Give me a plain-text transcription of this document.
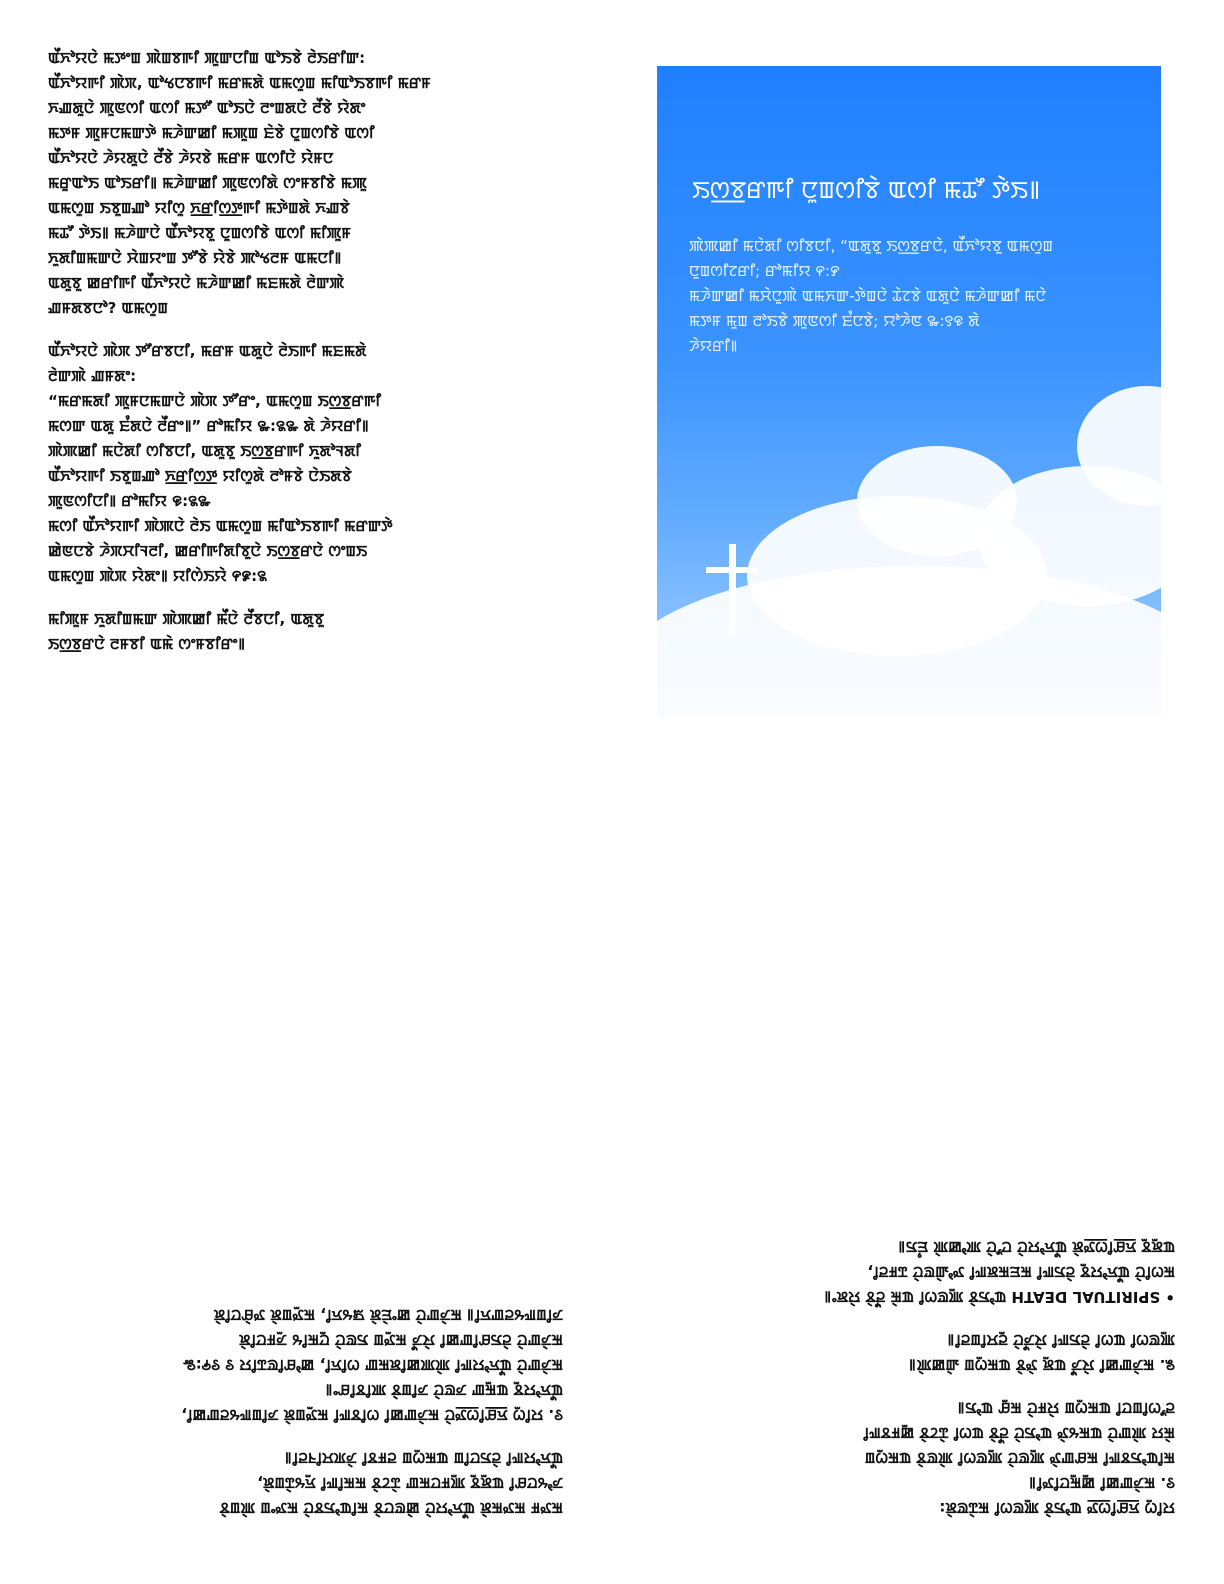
ꯑꯩꯈꯣꯌꯅꯥ ꯃꯇꯦꯡ ꯄꯥꯡꯕꯒꯤ ꯄꯨꯛꯅꯤꯡ ꯑꯣꯏꯕꯥ ꯂꯥꯏꯔꯤꯛ:
ꯑꯩꯈꯣꯌꯒꯤ ꯄꯥꯞ, ꯑꯣꯠꯅꯕꯒꯤ ꯃꯔꯃꯗꯥ ꯑꯃꯁꯨꯡ ꯃꯤꯑꯣꯏꯕꯒꯤ ꯃꯔꯝ
ꯈꯉꯗꯨꯅꯥ ꯄꯨꯟꯁꯤ ꯑꯁꯤ ꯃꯇꯧ ꯑꯣꯏꯅꯥ ꯂꯦꯡꯗꯅꯥ ꯂꯩꯕꯥ ꯌꯥꯗꯦ
ꯃꯇꯝ ꯄꯨꯝꯅꯃꯛꯇꯥ ꯃꯍꯥꯛꯀꯤ ꯃꯄꯨꯡ ꯐꯥꯕꯥ ꯅꯨꯡꯁꯤꯕꯥ ꯑꯁꯤ
ꯑꯩꯈꯣꯌꯅꯥ ꯍꯥꯌꯗꯨꯅꯥ ꯂꯩꯕꯥ ꯍꯥꯌꯕꯥ ꯃꯔꯝ ꯑꯁꯤꯅꯥ ꯌꯥꯝꯅ
ꯃꯔꯨꯑꯣꯏ ꯑꯣꯏꯔꯤ꯫ ꯃꯍꯥꯛꯀꯤ ꯄꯨꯟꯁꯤꯗꯥ ꯁꯦꯝꯕꯤꯕꯥ ꯃꯄꯨ
ꯑꯃꯁꯨꯡ ꯏꯕꯨꯡꯉꯣ ꯌꯤꯁꯨ ꯈ꯭ꯔꯤꯁ꯭ꯇꯒꯤ ꯃꯇꯥꯡꯗꯥ ꯈꯉꯕꯥ
ꯃꯊꯧ ꯇꯥꯏ꯫ ꯃꯍꯥꯛꯅꯥ ꯑꯩꯈꯣꯌꯕꯨ ꯅꯨꯡꯁꯤꯕꯥ ꯑꯁꯤ ꯃꯤꯄꯨꯝ
ꯈꯨꯗꯤꯡꯃꯛꯅꯥ ꯆꯥꯡꯌꯦꯡ ꯇꯧꯕꯥ ꯌꯥꯕꯥ ꯄꯣꯠꯂꯝ ꯑꯃꯅꯤ꯫
ꯑꯗꯨꯕꯨ ꯀꯔꯤꯒꯤ ꯑꯩꯈꯣꯌꯅꯥ ꯃꯍꯥꯛꯀꯤ ꯃꯐꯃꯗꯥ ꯂꯥꯛꯄꯥ
ꯉꯝꯗꯕꯅꯣ? ꯑꯃꯁꯨꯡ
ꯑꯩꯈꯣꯌꯅꯥ ꯄꯥꯞ ꯇꯧꯔꯕꯅꯤ, ꯃꯔꯝ ꯑꯗꯨꯅꯥ ꯂꯥꯏꯒꯤ ꯃꯐꯃꯗꯥ
ꯂꯥꯛꯄꯥ ꯉꯝꯗꯦ:
“ꯃꯔꯃꯗꯤ ꯄꯨꯝꯅꯃꯛꯅꯥ ꯄꯥꯞ ꯇꯧꯔꯦ, ꯑꯃꯁꯨꯡ ꯏꯁ꯭ꯕꯔꯒꯤ
ꯃꯁꯛ ꯑꯗꯨ ꯐꯪꯗꯅꯥ ꯂꯩꯔꯦ꯫” ꯔꯣꯃꯤꯌ ꯳:꯲꯳ ꯗꯥ ꯍꯥꯌꯔꯤ꯫
ꯄꯥꯄꯀꯤ ꯃꯅꯥꯗꯤ ꯁꯤꯕꯅꯤ, ꯑꯗꯨꯕꯨ ꯏꯁ꯭ꯕꯔꯒꯤ ꯈꯨꯗꯣꯜꯗꯤ
ꯑꯩꯈꯣꯌꯒꯤ ꯏꯕꯨꯡꯉꯣ ꯈ꯭ꯔꯤꯁ꯭ꯇ ꯌꯤꯁꯨꯗꯥ ꯂꯣꯝꯕꯥ ꯅꯥꯏꯗꯕꯥ
ꯄꯨꯟꯁꯤꯅꯤ꯫ ꯔꯣꯃꯤꯌ ꯶:꯲꯳
ꯃꯁꯤ ꯑꯩꯈꯣꯌꯒꯤ ꯄꯥꯄꯅꯥ ꯂꯥꯏ ꯑꯃꯁꯨꯡ ꯃꯤꯑꯣꯏꯕꯒꯤ ꯃꯔꯛꯇꯥ
ꯀꯥꯟꯅꯕꯥ ꯍꯥꯞꯆꯤꯜꯂꯤ, ꯀꯔꯤꯒꯤꯗꯤꯕꯨꯅꯥ ꯏꯁ꯭ꯕꯔꯅꯥ ꯁꯦꯡꯏ
ꯑꯃꯁꯨꯡ ꯄꯥꯞ ꯌꯥꯗꯦ꯫ ꯌꯤꯁꯥꯏꯌꯥ ꯵꯹:꯲
ꯃꯤꯄꯨꯝ ꯈꯨꯗꯤꯡꯃꯛ ꯄꯥꯄꯀꯤ ꯃꯩꯅꯥ ꯂꯩꯕꯅꯤ, ꯑꯗꯨꯕꯨ
ꯏꯁ꯭ꯕꯔꯅꯥ ꯂꯝꯕꯤ ꯑꯃꯥ ꯁꯦꯝꯕꯤꯔꯦ꯫
ꯏꯁ꯭ꯕꯔꯒꯤ ꯅꯨꯡꯁꯤꯕꯥ ꯑꯁꯤ ꯃꯊꯧ ꯇꯥꯏ꯫
ꯄꯥꯄꯀꯤ ꯃꯅꯥꯗꯤ ꯁꯤꯕꯅꯤ, “ꯑꯗꯨꯕꯨ ꯏꯁ꯭ꯕꯔꯅꯥ, ꯑꯩꯈꯣꯌꯕꯨ ꯑꯃꯁꯨꯡ
ꯅꯨꯡꯁꯤꯖꯔꯤ; ꯔꯣꯃꯤꯌ ꯵:꯸
ꯃꯍꯥꯛꯀꯤ ꯃꯆꯥꯅꯨꯄꯥ ꯑꯃꯈꯛ-ꯇꯥꯡꯅꯥ ꯊꯥꯖꯕꯥ ꯑꯗꯨꯅꯥ ꯃꯍꯥꯛꯀꯤ ꯃꯅꯥ
ꯃꯇꯝ ꯃꯨꯡ ꯂꯣꯏꯕꯥ ꯄꯨꯟꯁꯤ ꯐꯪꯅꯕꯥ; ꯌꯣꯍꯥꯟ ꯳:꯱꯶ ꯗꯥ
ꯍꯥꯌꯔꯤ꯫
ꯃꯇꯝ ꯃꯇꯃꯗꯥ ꯑꯩꯈꯣꯌꯅꯥ ꯀꯥꯟꯅꯕꯥ ꯃꯤꯑꯣꯏꯕꯅꯥ ꯃꯇꯦꯡ ꯄꯥꯡꯕꯥ
ꯍꯣꯠꯅꯔꯤ ꯑꯗꯨꯕꯨ ꯄꯨꯝꯅꯃꯛ ꯊꯥꯖꯕꯥ ꯃꯃꯤꯒꯤ ꯈꯨꯠꯊꯥꯡꯗꯥ,
ꯑꯩꯈꯣꯌꯒꯤ ꯂꯥꯏꯅꯤꯡ ꯑꯃꯁꯨꯡ ꯂꯝꯕꯤ ꯍꯥꯞꯆꯤꯜꯂꯤ꯫
꯱. ꯌꯤꯁꯨ ꯈ꯭ꯔꯤꯁ꯭ꯇꯅꯥ ꯃꯍꯥꯛꯀꯤ ꯁꯤꯕꯒꯤ ꯃꯇꯨꯡꯗꯥ ꯍꯤꯡꯒꯠꯂꯛꯀꯤ,
ꯑꯩꯈꯣꯌꯕꯨ ꯑꯃꯨꯛ ꯍꯟꯅꯥ ꯍꯤꯡꯕꯥ ꯄꯤꯕꯤꯔꯦ꯫
ꯃꯍꯥꯛꯅꯥ ꯑꯩꯈꯣꯌꯒꯤ ꯄꯥꯄꯀꯤꯗꯃꯛ ꯁꯤꯈꯤ, ꯀꯣꯔꯤꯟꯊꯤꯌ ꯱ ꯱꯵:꯳
ꯃꯍꯥꯛꯅꯥ ꯂꯥꯏꯔꯤꯛꯀꯤ ꯋꯥꯍꯩ ꯃꯇꯨꯡ ꯏꯟꯅꯥ ꯅꯨꯃꯤꯠ ꯍꯨꯝꯅꯤꯗꯥ
ꯍꯤꯡꯒꯠꯂꯛꯈꯤ꯫ ꯃꯍꯥꯛꯅꯥ ꯀꯦꯐꯥꯗꯥ ꯎꯠꯈꯤ, ꯃꯇꯨꯡꯗꯥ ꯇꯔꯥꯅꯤꯗꯥ
ꯌꯤꯁꯨ ꯈ꯭ꯔꯤꯁ꯭ꯇ ꯑꯣꯏꯕꯥ ꯄꯨꯟꯁꯤ ꯃꯊꯥꯟꯗꯥ:
꯱. ꯃꯍꯥꯛꯀꯤ ꯀꯨꯃꯨꯅꯤꯇꯤ꯫
ꯃꯤꯑꯣꯏꯕꯒꯤ ꯃꯔꯛꯇꯥ ꯄꯨꯟꯅꯥ ꯄꯨꯟꯁꯤ ꯄꯥꯟꯕꯥ ꯑꯃꯁꯨꯡ
ꯃꯥꯌ ꯄꯥꯛꯅꯥ ꯑꯃꯠꯇꯥ ꯑꯣꯏꯅꯥ ꯂꯩꯕꯥ ꯑꯁꯤ ꯊꯥꯖꯕꯥ ꯀꯨꯝꯕꯒꯤ
ꯂꯧꯁꯤꯡꯅꯤ ꯑꯃꯁꯨꯡ ꯌꯥꯝꯅꯥ ꯃꯔꯨ ꯑꯣꯏ꯫
꯲. ꯃꯍꯥꯛꯀꯤ ꯋꯥꯍꯩ ꯑꯗꯨ ꯇꯥꯕꯥ ꯑꯃꯁꯨꯡ ꯉꯥꯀꯄꯥ꯫
ꯄꯨꯟꯁꯤ ꯑꯁꯤ ꯂꯥꯏꯒꯤ ꯋꯥꯍꯩꯅꯥ ꯂꯨꯆꯤꯡꯂꯤ꯫
• SPIRITUAL DEATH ꯑꯣꯏꯕꯥ ꯄꯨꯟꯁꯤ ꯑꯃꯥ ꯂꯩꯕꯥ ꯌꯥꯗꯦ꯫
ꯃꯁꯤꯅꯥ ꯑꯩꯈꯣꯌꯕꯨ ꯂꯥꯏꯒꯤ ꯃꯐꯃꯗꯒꯤ ꯇꯣꯉꯥꯟꯅꯥ ꯊꯝꯂꯤ,
ꯑꯗꯨꯕꯨ ꯈ꯭ꯔꯤꯁ꯭ꯇꯗꯥ ꯑꯩꯈꯣꯌꯅꯥ ꯅꯧꯅꯥ ꯄꯣꯀꯄꯥ ꯐꯪꯏ꯫
